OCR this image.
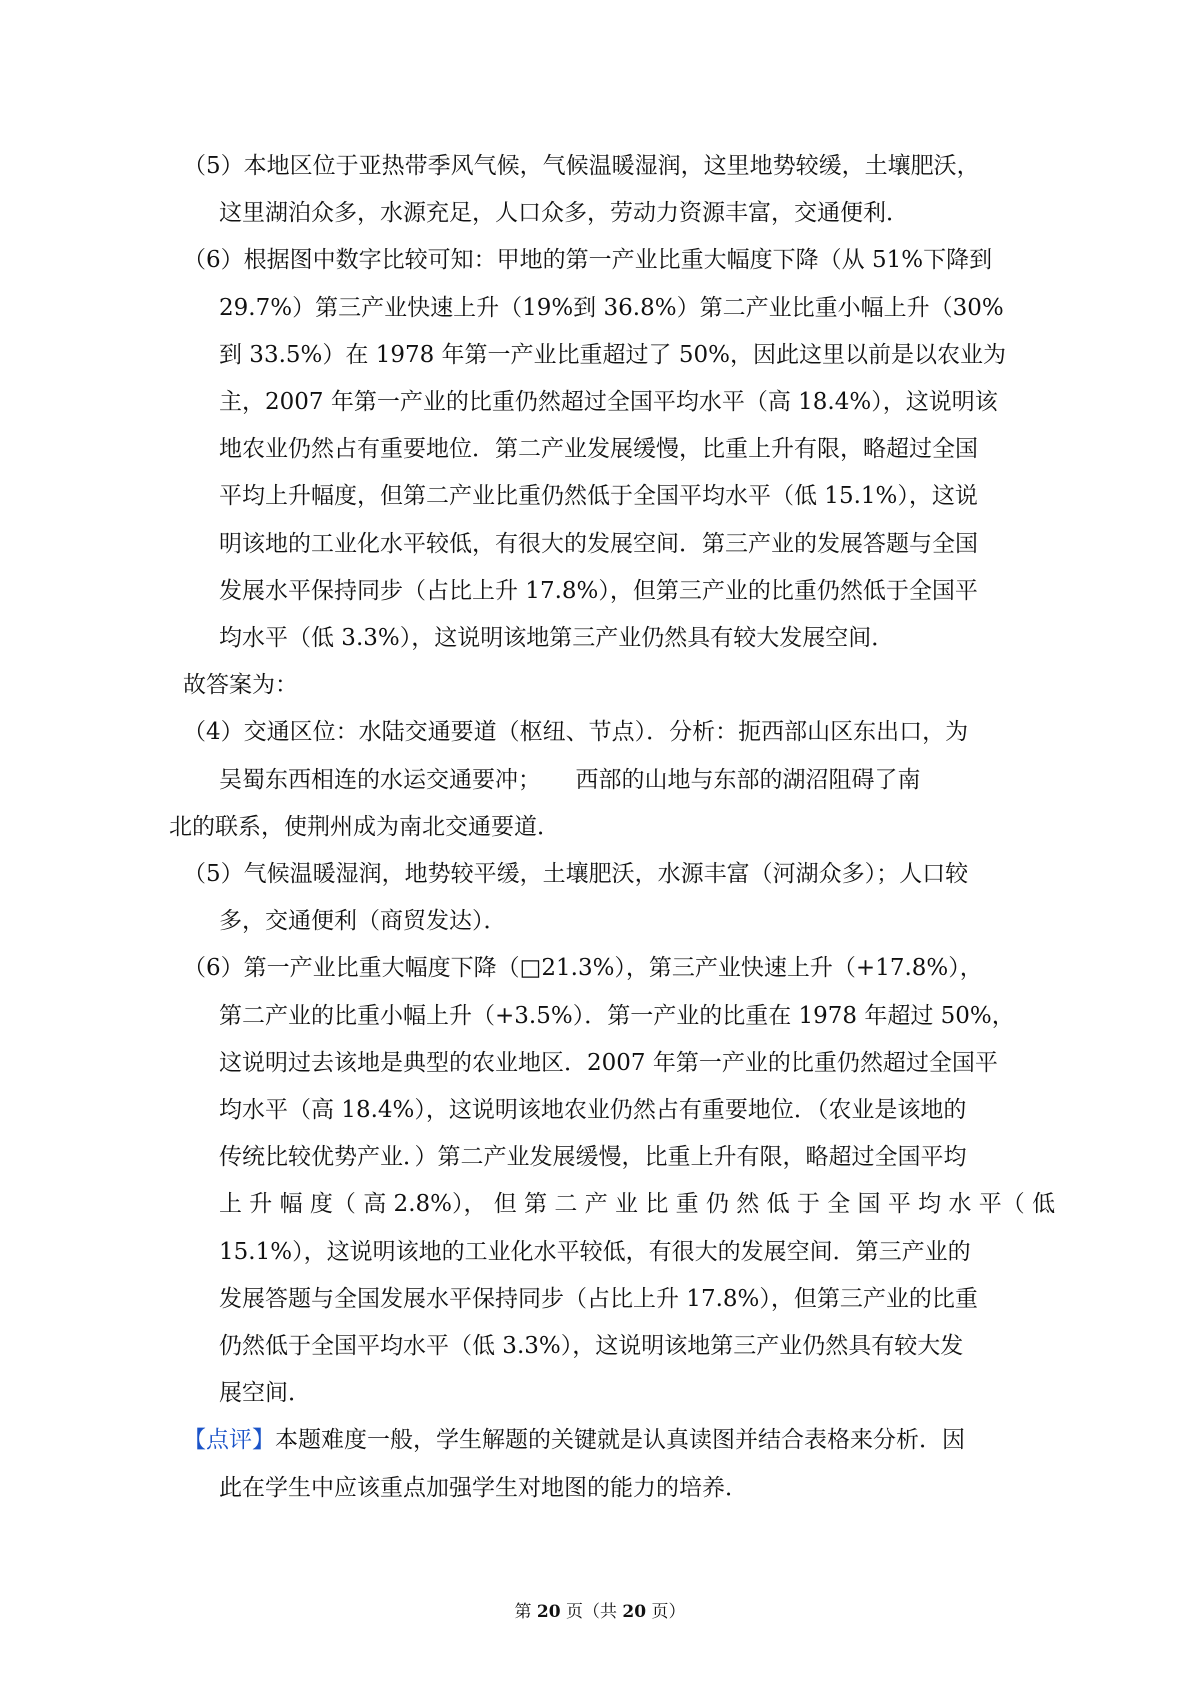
（5）本地区位于亚热带季风气候，气候温暖湿润，这里地势较缓，土壤肥沃，
这里湖泊众多，水源充足，人口众多，劳动力资源丰富，交通便利．
（6）根据图中数字比较可知：甲地的第一产业比重大幅度下降（从 51%下降到
29.7%）第三产业快速上升（19%到 36.8%）第二产业比重小幅上升（30%
到 33.5%）在 1978 年第一产业比重超过了 50%，因此这里以前是以农业为
主，2007 年第一产业的比重仍然超过全国平均水平（高 18.4%），这说明该
地农业仍然占有重要地位．第二产业发展缓慢，比重上升有限，略超过全国
平均上升幅度，但第二产业比重仍然低于全国平均水平（低 15.1%），这说
明该地的工业化水平较低，有很大的发展空间．第三产业的发展答题与全国
发展水平保持同步（占比上升 17.8%），但第三产业的比重仍然低于全国平
均水平（低 3.3%），这说明该地第三产业仍然具有较大发展空间．
故答案为：
（4）交通区位：水陆交通要道（枢纽、节点）．分析：扼西部山区东出口，为
吴蜀东西相连的水运交通要冲；　　西部的山地与东部的湖沼阻碍了南
北的联系，使荆州成为南北交通要道．
（5）气候温暖湿润，地势较平缓，土壤肥沃，水源丰富（河湖众多）；人口较
多，交通便利（商贸发达）．
（6）第一产业比重大幅度下降（□21.3%），第三产业快速上升（+17.8%），
第二产业的比重小幅上升（+3.5%）．第一产业的比重在 1978 年超过 50%，
这说明过去该地是典型的农业地区．2007 年第一产业的比重仍然超过全国平
均水平（高 18.4%），这说明该地农业仍然占有重要地位．（农业是该地的
传统比较优势产业．）第二产业发展缓慢，比重上升有限，略超过全国平均
上 升 幅 度（ 高 2.8%）， 但 第 二 产 业 比 重 仍 然 低 于 全 国 平 均 水 平（ 低
15.1%），这说明该地的工业化水平较低，有很大的发展空间．第三产业的
发展答题与全国发展水平保持同步（占比上升 17.8%），但第三产业的比重
仍然低于全国平均水平（低 3.3%），这说明该地第三产业仍然具有较大发
展空间．
【点评】本题难度一般，学生解题的关键就是认真读图并结合表格来分析．因
此在学生中应该重点加强学生对地图的能力的培养．
第 20 页（共 20 页）
